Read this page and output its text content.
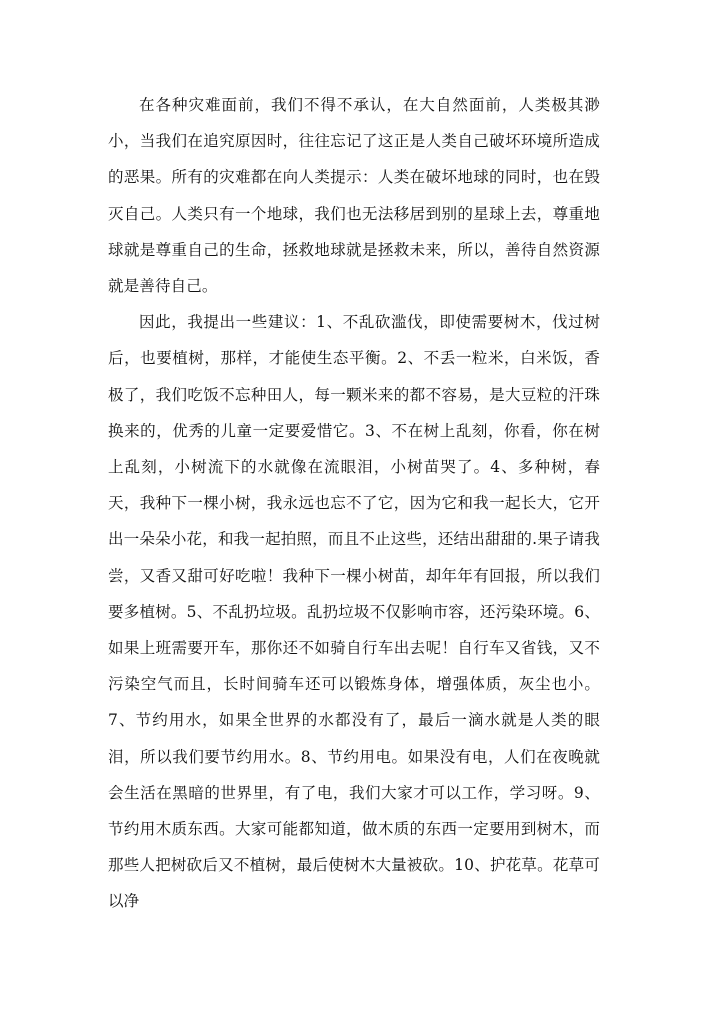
在各种灾难面前，我们不得不承认，在大自然面前，人类极其渺小，当我们在追究原因时，往往忘记了这正是人类自己破坏环境所造成的恶果。所有的灾难都在向人类提示：人类在破坏地球的同时，也在毁灭自己。人类只有一个地球，我们也无法移居到别的星球上去，尊重地球就是尊重自己的生命，拯救地球就是拯救未来，所以，善待自然资源就是善待自己。

因此，我提出一些建议：1、不乱砍滥伐，即使需要树木，伐过树后，也要植树，那样，才能使生态平衡。2、不丢一粒米，白米饭，香极了，我们吃饭不忘种田人，每一颗米来的都不容易，是大豆粒的汗珠换来的，优秀的儿童一定要爱惜它。3、不在树上乱刻，你看，你在树上乱刻，小树流下的水就像在流眼泪，小树苗哭了。4、多种树，春天，我种下一棵小树，我永远也忘不了它，因为它和我一起长大，它开出一朵朵小花，和我一起拍照，而且不止这些，还结出甜甜的.果子请我尝，又香又甜可好吃啦！我种下一棵小树苗，却年年有回报，所以我们要多植树。5、不乱扔垃圾。乱扔垃圾不仅影响市容，还污染环境。6、如果上班需要开车，那你还不如骑自行车出去呢！自行车又省钱，又不污染空气而且，长时间骑车还可以锻炼身体，增强体质，灰尘也小。7、节约用水，如果全世界的水都没有了，最后一滴水就是人类的眼泪，所以我们要节约用水。8、节约用电。如果没有电，人们在夜晚就会生活在黑暗的世界里，有了电，我们大家才可以工作，学习呀。9、节约用木质东西。大家可能都知道，做木质的东西一定要用到树木，而那些人把树砍后又不植树，最后使树木大量被砍。10、护花草。花草可以净
